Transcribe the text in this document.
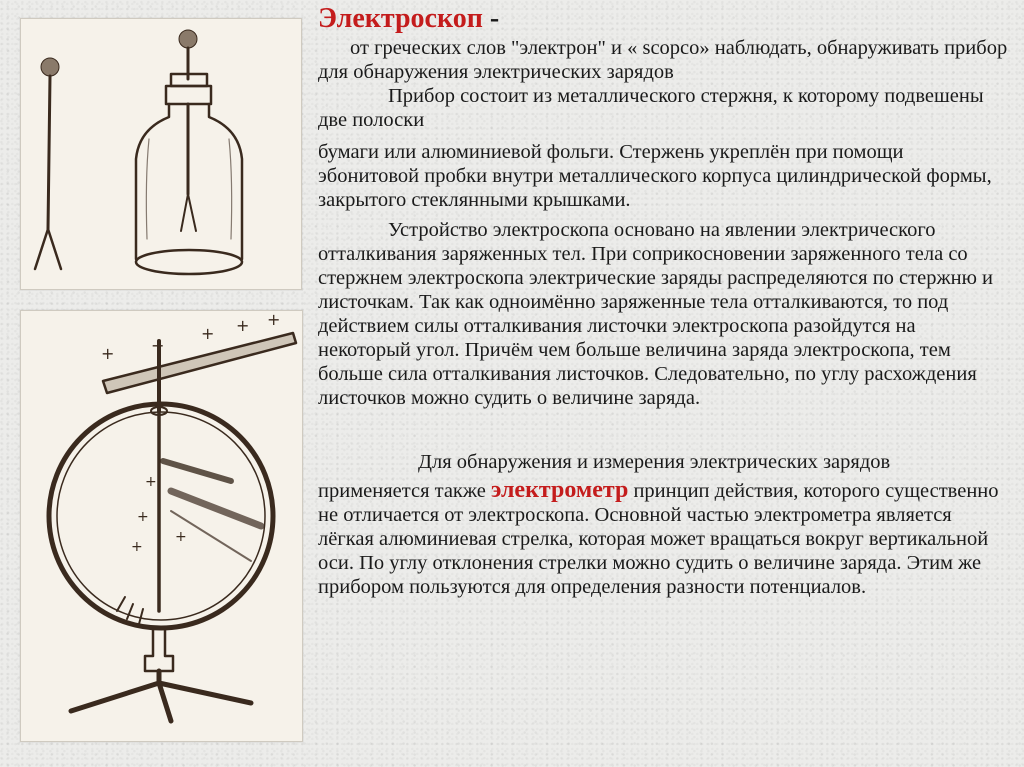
+ +
+ + +
+
+
+
+

Электроскоп -

от греческих слов "электрон" и « scopco» наблюдать, обнаруживать прибор для обнаружения электрических зарядов

Прибор состоит из металлического стержня, к которому подвешены две полоски

бумаги или алюминиевой фольги. Стержень укреплён при помощи эбонитовой пробки внутри металлического корпуса цилиндрической формы, закрытого стеклянными крышками.

Устройство электроскопа основано на явлении электрического отталкивания заряженных тел. При соприкосновении заряженного тела со стержнем электроскопа электрические заряды распределяются по стержню и листочкам. Так как одноимённо заряженные тела отталкиваются, то под действием силы отталкивания листочки электроскопа разойдутся на некоторый угол. Причём чем больше величина заряда электроскопа, тем больше сила отталкивания листочков. Следовательно, по углу расхождения листочков можно судить о величине заряда.

Для обнаружения и измерения электрических зарядов

применяется также электрометр принцип действия, которого существенно не отличается от электроскопа. Основной частью электрометра является лёгкая алюминиевая стрелка, которая может вращаться вокруг вертикальной оси. По углу отклонения стрелки можно судить о величине заряда. Этим же прибором пользуются для определения разности потенциалов.
